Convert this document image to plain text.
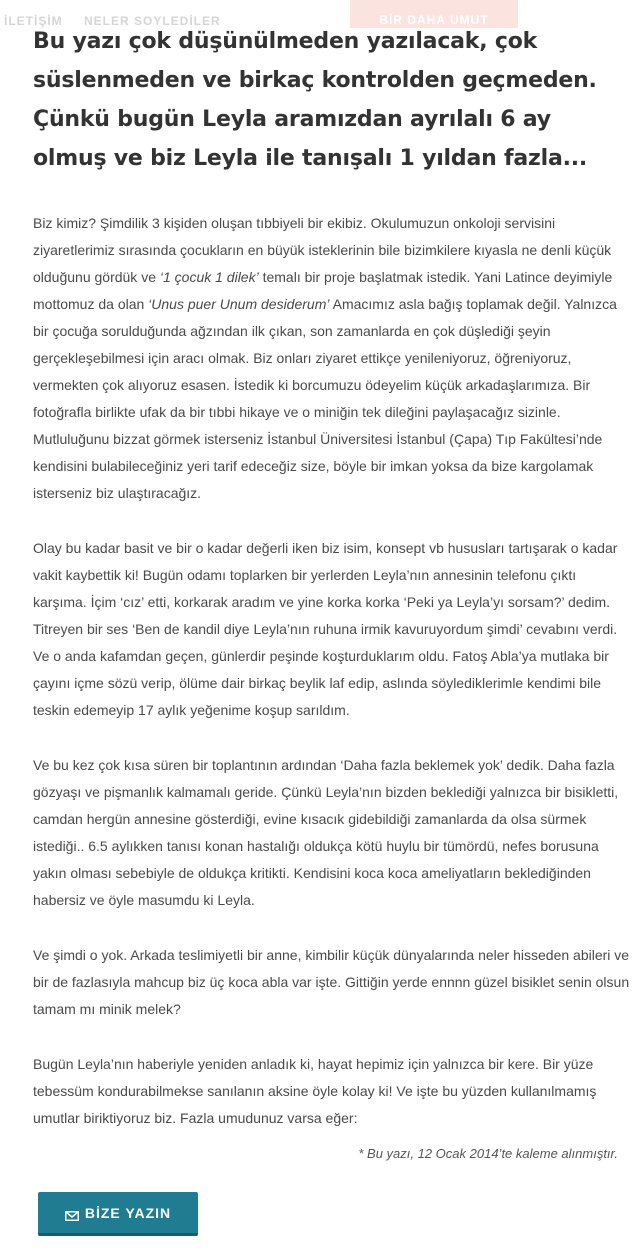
İLETİŞİM NELER SOYLEDİLER	BİR DAHA UMUT
Bu yazı çok düşünülmeden yazılacak, çok süslenmeden ve birkaç kontrolden geçmeden. Çünkü bugün Leyla aramızdan ayrılalı 6 ay olmuş ve biz Leyla ile tanışalı 1 yıldan fazla...

Biz kimiz? Şimdilik 3 kişiden oluşan tıbbiyeli bir ekibiz. Okulumuzun onkoloji servisini ziyaretlerimiz sırasında çocukların en büyük isteklerinin bile bizimkilere kıyasla ne denli küçük olduğunu gördük ve ‘1 çocuk 1 dilek’ temalı bir proje başlatmak istedik. Yani Latince deyimiyle mottomuz da olan ‘Unus puer Unum desiderum’ Amacımız asla bağış toplamak değil. Yalnızca bir çocuğa sorulduğunda ağzından ilk çıkan, son zamanlarda en çok düşlediği şeyin gerçekleşebilmesi için aracı olmak. Biz onları ziyaret ettikçe yenileniyoruz, öğreniyoruz, vermekten çok alıyoruz esasen. İstedik ki borcumuzu ödeyelim küçük arkadaşlarımıza. Bir fotoğrafla birlikte ufak da bir tıbbi hikaye ve o miniğin tek dileğini paylaşacağız sizinle. Mutluluğunu bizzat görmek isterseniz İstanbul Üniversitesi İstanbul (Çapa) Tıp Fakültesi’nde kendisini bulabileceğiniz yeri tarif edeceğiz size, böyle bir imkan yoksa da bize kargolamak isterseniz biz ulaştıracağız.

Olay bu kadar basit ve bir o kadar değerli iken biz isim, konsept vb hususları tartışarak o kadar vakit kaybettik ki! Bugün odamı toplarken bir yerlerden Leyla’nın annesinin telefonu çıktı karşıma. İçim ‘cız’ etti, korkarak aradım ve yine korka korka ‘Peki ya Leyla’yı sorsam?’ dedim. Titreyen bir ses ‘Ben de kandil diye Leyla’nın ruhuna irmik kavuruyordum şimdi’ cevabını verdi. Ve o anda kafamdan geçen, günlerdir peşinde koşturduklarım oldu. Fatoş Abla’ya mutlaka bir çayını içme sözü verip, ölüme dair birkaç beylik laf edip, aslında söylediklerimle kendimi bile teskin edemeyip 17 aylık yeğenime koşup sarıldım.

Ve bu kez çok kısa süren bir toplantının ardından ‘Daha fazla beklemek yok’ dedik. Daha fazla gözyaşı ve pişmanlık kalmamalı geride. Çünkü Leyla’nın bizden beklediği yalnızca bir bisikletti, camdan hergün annesine gösterdiği, evine kısacık gidebildiği zamanlarda da olsa sürmek istediği.. 6.5 aylıkken tanısı konan hastalığı oldukça kötü huylu bir tümördü, nefes borusuna yakın olması sebebiyle de oldukça kritikti. Kendisini koca koca ameliyatların beklediğinden habersiz ve öyle masumdu ki Leyla.

Ve şimdi o yok. Arkada teslimiyetli bir anne, kimbilir küçük dünyalarında neler hisseden abileri ve bir de fazlasıyla mahcup biz üç koca abla var işte. Gittiğin yerde ennnn güzel bisiklet senin olsun tamam mı minik melek?

Bugün Leyla’nın haberiyle yeniden anladık ki, hayat hepimiz için yalnızca bir kere. Bir yüze tebessüm kondurabilmekse sanılanın aksine öyle kolay ki! Ve işte bu yüzden kullanılmamış umutlar biriktiyoruz biz. Fazla umudunuz varsa eğer:

* Bu yazı, 12 Ocak 2014’te kaleme alınmıştır.
BİZE YAZIN
